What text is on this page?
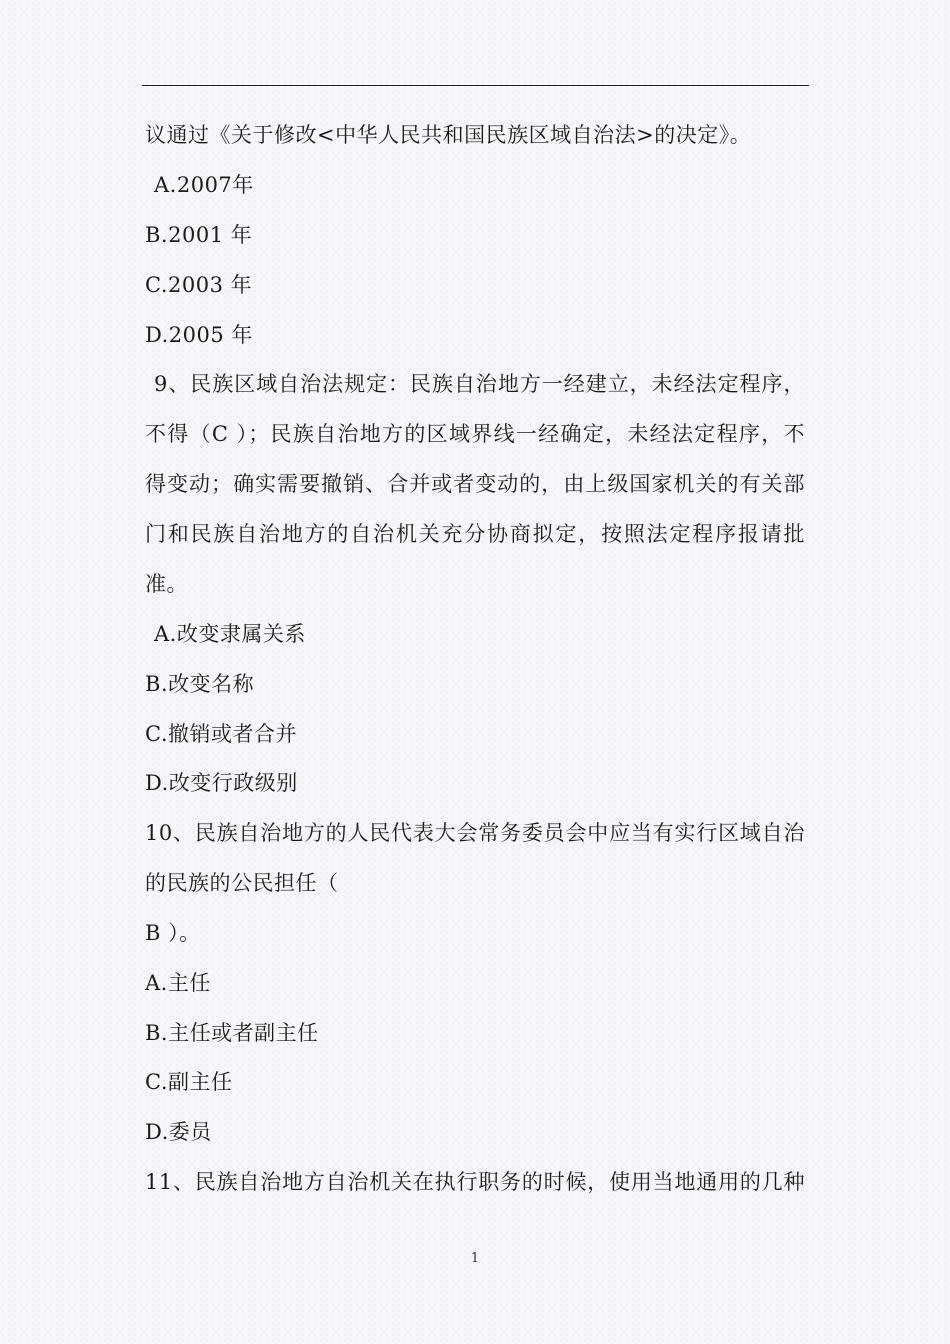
议通过《关于修改<中华人民共和国民族区域自治法>的决定》。
A.2007年
B.2001 年
C.2003 年
D.2005 年
9、民族区域自治法规定：民族自治地方一经建立，未经法定程序，
不得（C ）；民族自治地方的区域界线一经确定，未经法定程序，不
得变动；确实需要撤销、合并或者变动的，由上级国家机关的有关部
门和民族自治地方的自治机关充分协商拟定，按照法定程序报请批
准。
A.改变隶属关系
B.改变名称
C.撤销或者合并
D.改变行政级别
10、民族自治地方的人民代表大会常务委员会中应当有实行区域自治
的民族的公民担任（
B ）。
A.主任
B.主任或者副主任
C.副主任
D.委员
11、民族自治地方自治机关在执行职务的时候，使用当地通用的几种
1
